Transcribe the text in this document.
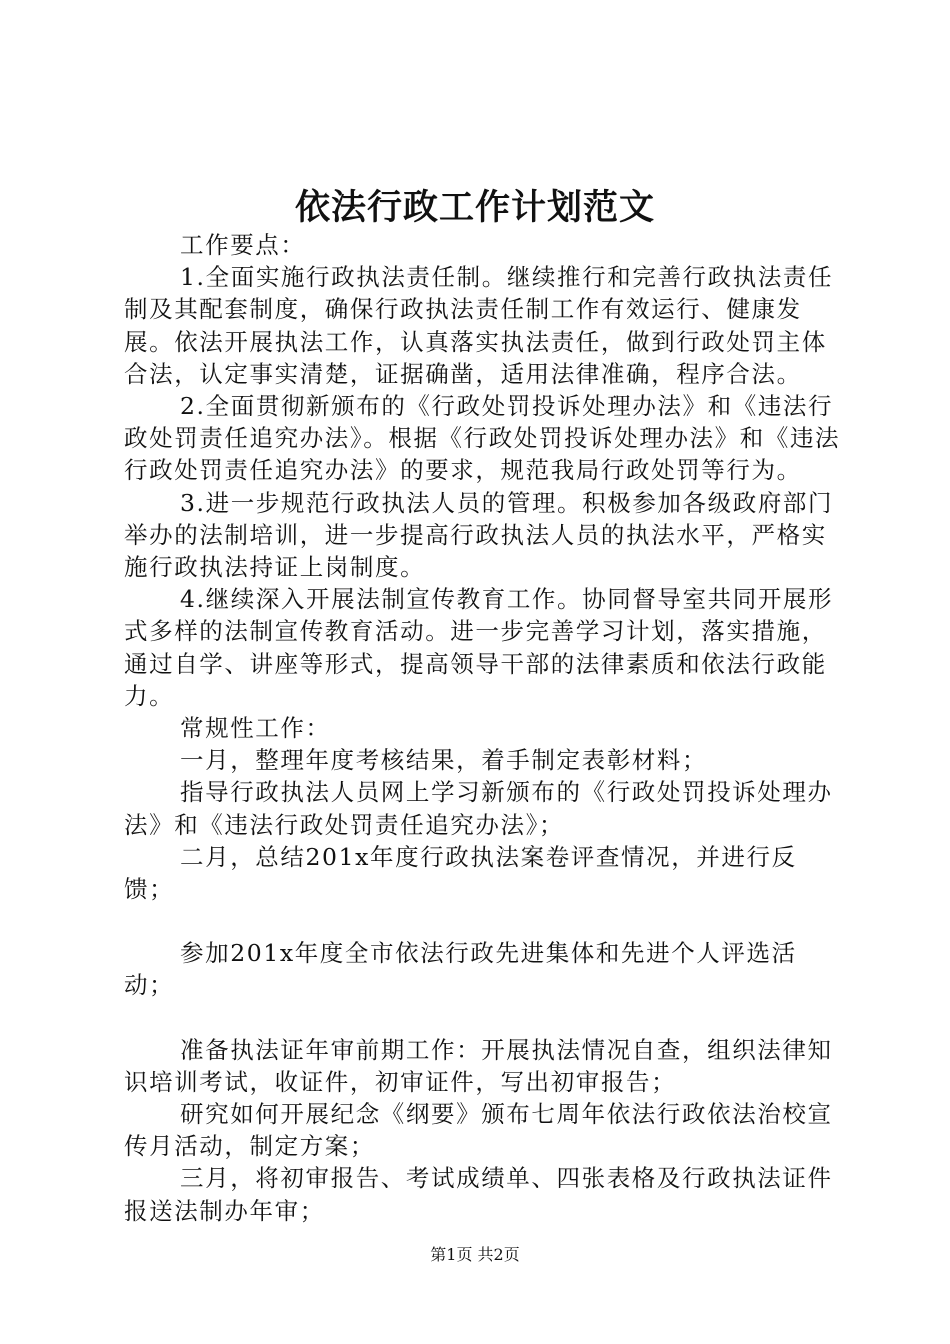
依法行政工作计划范文

工作要点：

1.全面实施行政执法责任制。继续推行和完善行政执法责任制及其配套制度，确保行政执法责任制工作有效运行、健康发展。依法开展执法工作，认真落实执法责任，做到行政处罚主体合法，认定事实清楚，证据确凿，适用法律准确，程序合法。

2.全面贯彻新颁布的《行政处罚投诉处理办法》和《违法行政处罚责任追究办法》。根据《行政处罚投诉处理办法》和《违法行政处罚责任追究办法》的要求，规范我局行政处罚等行为。

3.进一步规范行政执法人员的管理。积极参加各级政府部门举办的法制培训，进一步提高行政执法人员的执法水平，严格实施行政执法持证上岗制度。

4.继续深入开展法制宣传教育工作。协同督导室共同开展形式多样的法制宣传教育活动。进一步完善学习计划，落实措施，通过自学、讲座等形式，提高领导干部的法律素质和依法行政能力。

常规性工作：

一月，整理年度考核结果，着手制定表彰材料；

指导行政执法人员网上学习新颁布的《行政处罚投诉处理办法》和《违法行政处罚责任追究办法》；

二月，总结201x年度行政执法案卷评查情况，并进行反馈；

参加201x年度全市依法行政先进集体和先进个人评选活动；

准备执法证年审前期工作：开展执法情况自查，组织法律知识培训考试，收证件，初审证件，写出初审报告；

研究如何开展纪念《纲要》颁布七周年依法行政依法治校宣传月活动，制定方案；

三月，将初审报告、考试成绩单、四张表格及行政执法证件报送法制办年审；

第1页 共2页
